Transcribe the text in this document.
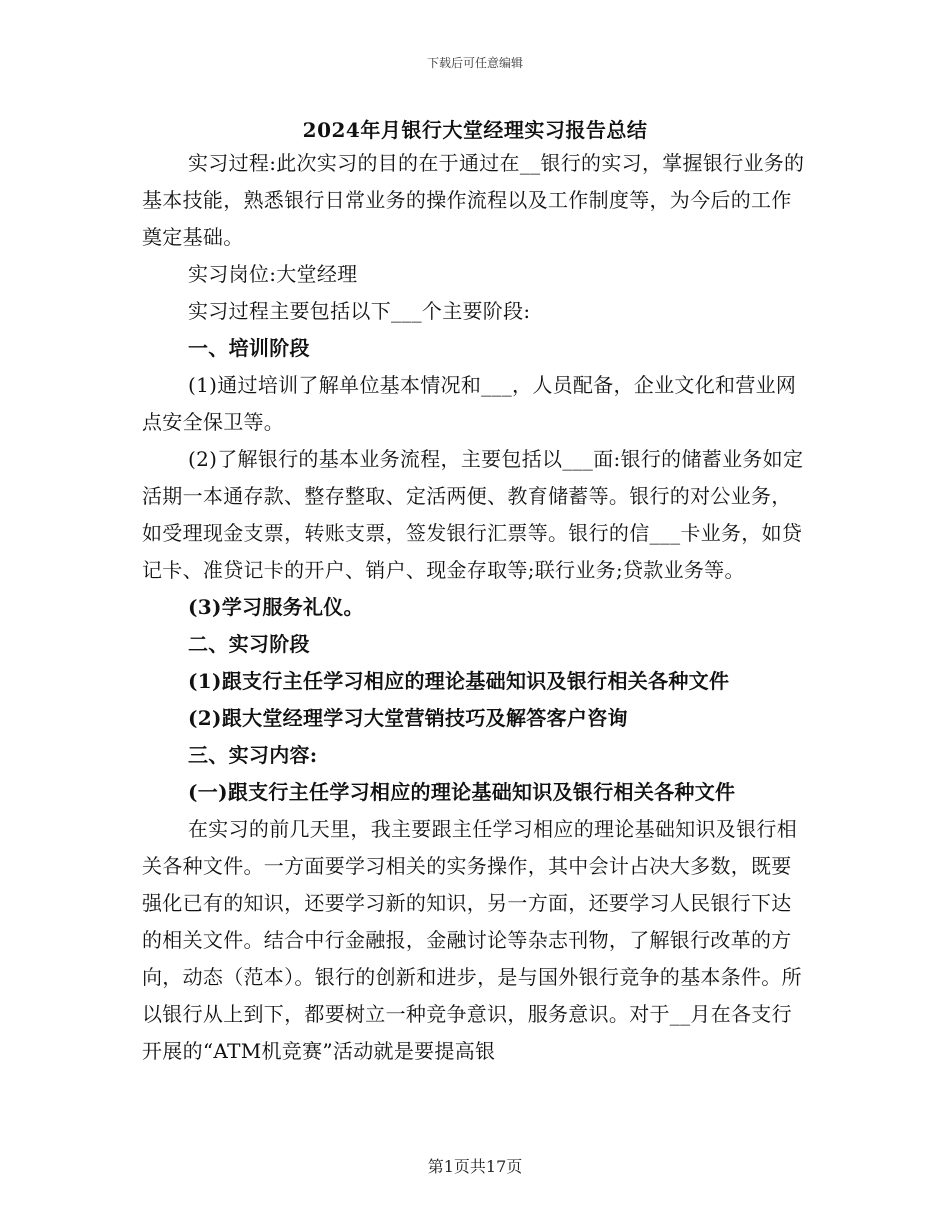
下载后可任意编辑
2024年月银行大堂经理实习报告总结

实习过程:此次实习的目的在于通过在__银行的实习，掌握银行业务的基本技能，熟悉银行日常业务的操作流程以及工作制度等，为今后的工作奠定基础。

实习岗位:大堂经理

实习过程主要包括以下___个主要阶段:

一、培训阶段

(1)通过培训了解单位基本情况和___，人员配备，企业文化和营业网点安全保卫等。

(2)了解银行的基本业务流程，主要包括以___面:银行的储蓄业务如定活期一本通存款、整存整取、定活两便、教育储蓄等。银行的对公业务，如受理现金支票，转账支票，签发银行汇票等。银行的信___卡业务，如贷记卡、准贷记卡的开户、销户、现金存取等;联行业务;贷款业务等。

(3)学习服务礼仪。

二、实习阶段

(1)跟支行主任学习相应的理论基础知识及银行相关各种文件

(2)跟大堂经理学习大堂营销技巧及解答客户咨询

三、实习内容:

(一)跟支行主任学习相应的理论基础知识及银行相关各种文件

在实习的前几天里，我主要跟主任学习相应的理论基础知识及银行相关各种文件。一方面要学习相关的实务操作，其中会计占决大多数，既要强化已有的知识，还要学习新的知识，另一方面，还要学习人民银行下达的相关文件。结合中行金融报，金融讨论等杂志刊物，了解银行改革的方向，动态（范本）。银行的创新和进步，是与国外银行竞争的基本条件。所以银行从上到下，都要树立一种竞争意识，服务意识。对于__月在各支行开展的“ATM机竞赛”活动就是要提高银

第1页共17页
